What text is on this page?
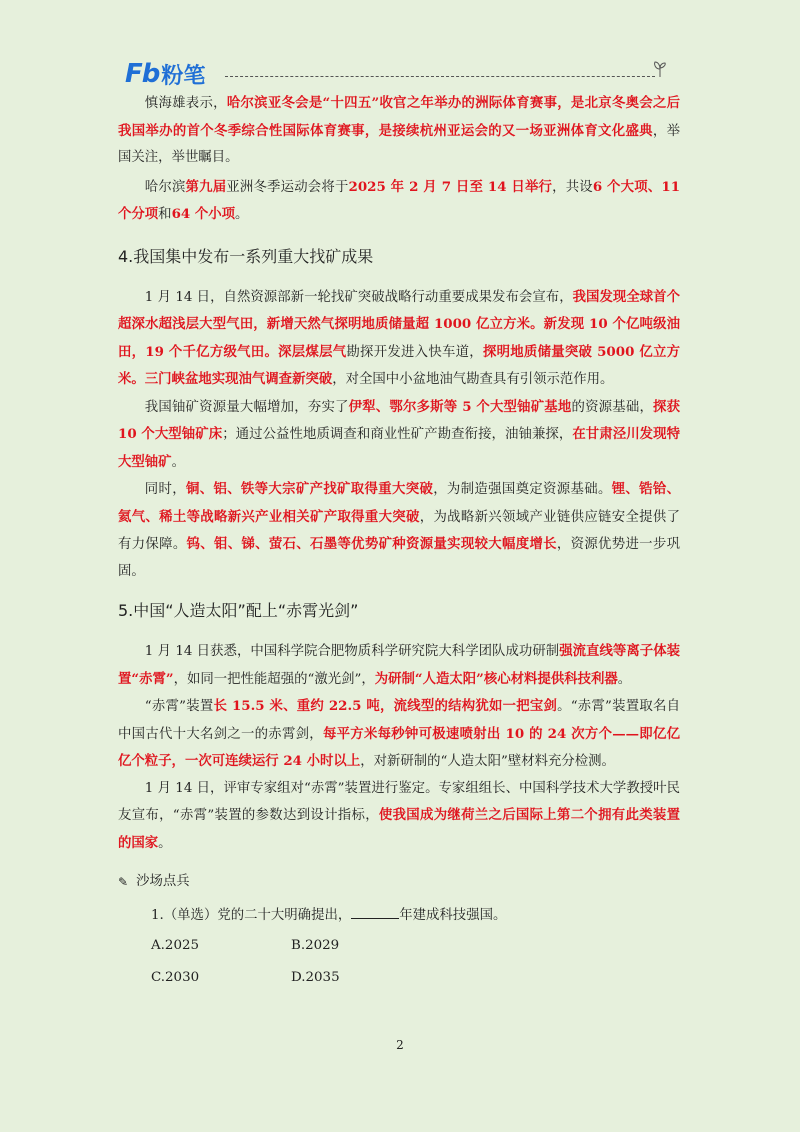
Fb 粉笔

慎海雄表示，哈尔滨亚冬会是“十四五”收官之年举办的洲际体育赛事，是北京冬奥会之后我国举办的首个冬季综合性国际体育赛事，是接续杭州亚运会的又一场亚洲体育文化盛典，举国关注，举世瞩目。

哈尔滨第九届亚洲冬季运动会将于2025 年 2 月 7 日至 14 日举行，共设6 个大项、11 个分项和64 个小项。

4.我国集中发布一系列重大找矿成果

1 月 14 日，自然资源部新一轮找矿突破战略行动重要成果发布会宣布，我国发现全球首个超深水超浅层大型气田，新增天然气探明地质储量超 1000 亿立方米。新发现 10 个亿吨级油田，19 个千亿方级气田。深层煤层气勘探开发进入快车道，探明地质储量突破 5000 亿立方米。三门峡盆地实现油气调查新突破，对全国中小盆地油气勘查具有引领示范作用。

我国铀矿资源量大幅增加，夯实了伊犁、鄂尔多斯等 5 个大型铀矿基地的资源基础，探获 10 个大型铀矿床；通过公益性地质调查和商业性矿产勘查衔接，油铀兼探，在甘肃泾川发现特大型铀矿。

同时，铜、铝、铁等大宗矿产找矿取得重大突破，为制造强国奠定资源基础。锂、锆铪、氦气、稀土等战略新兴产业相关矿产取得重大突破，为战略新兴领域产业链供应链安全提供了有力保障。钨、钼、锑、萤石、石墨等优势矿种资源量实现较大幅度增长，资源优势进一步巩固。

5.中国“人造太阳”配上“赤霄光剑”

1 月 14 日获悉，中国科学院合肥物质科学研究院大科学团队成功研制强流直线等离子体装置“赤霄”，如同一把性能超强的“激光剑”，为研制“人造太阳”核心材料提供科技利器。

“赤霄”装置长 15.5 米、重约 22.5 吨，流线型的结构犹如一把宝剑。“赤霄”装置取名自中国古代十大名剑之一的赤霄剑，每平方米每秒钟可极速喷射出 10 的 24 次方个——即亿亿亿个粒子，一次可连续运行 24 小时以上，对新研制的“人造太阳”壁材料充分检测。

1 月 14 日，评审专家组对“赤霄”装置进行鉴定。专家组组长、中国科学技术大学教授叶民友宣布，“赤霄”装置的参数达到设计指标，使我国成为继荷兰之后国际上第二个拥有此类装置的国家。

✎ 沙场点兵
1.（单选）党的二十大明确提出，	年建成科技强国。
A.2025	B.2029
C.2030	D.2035
2
